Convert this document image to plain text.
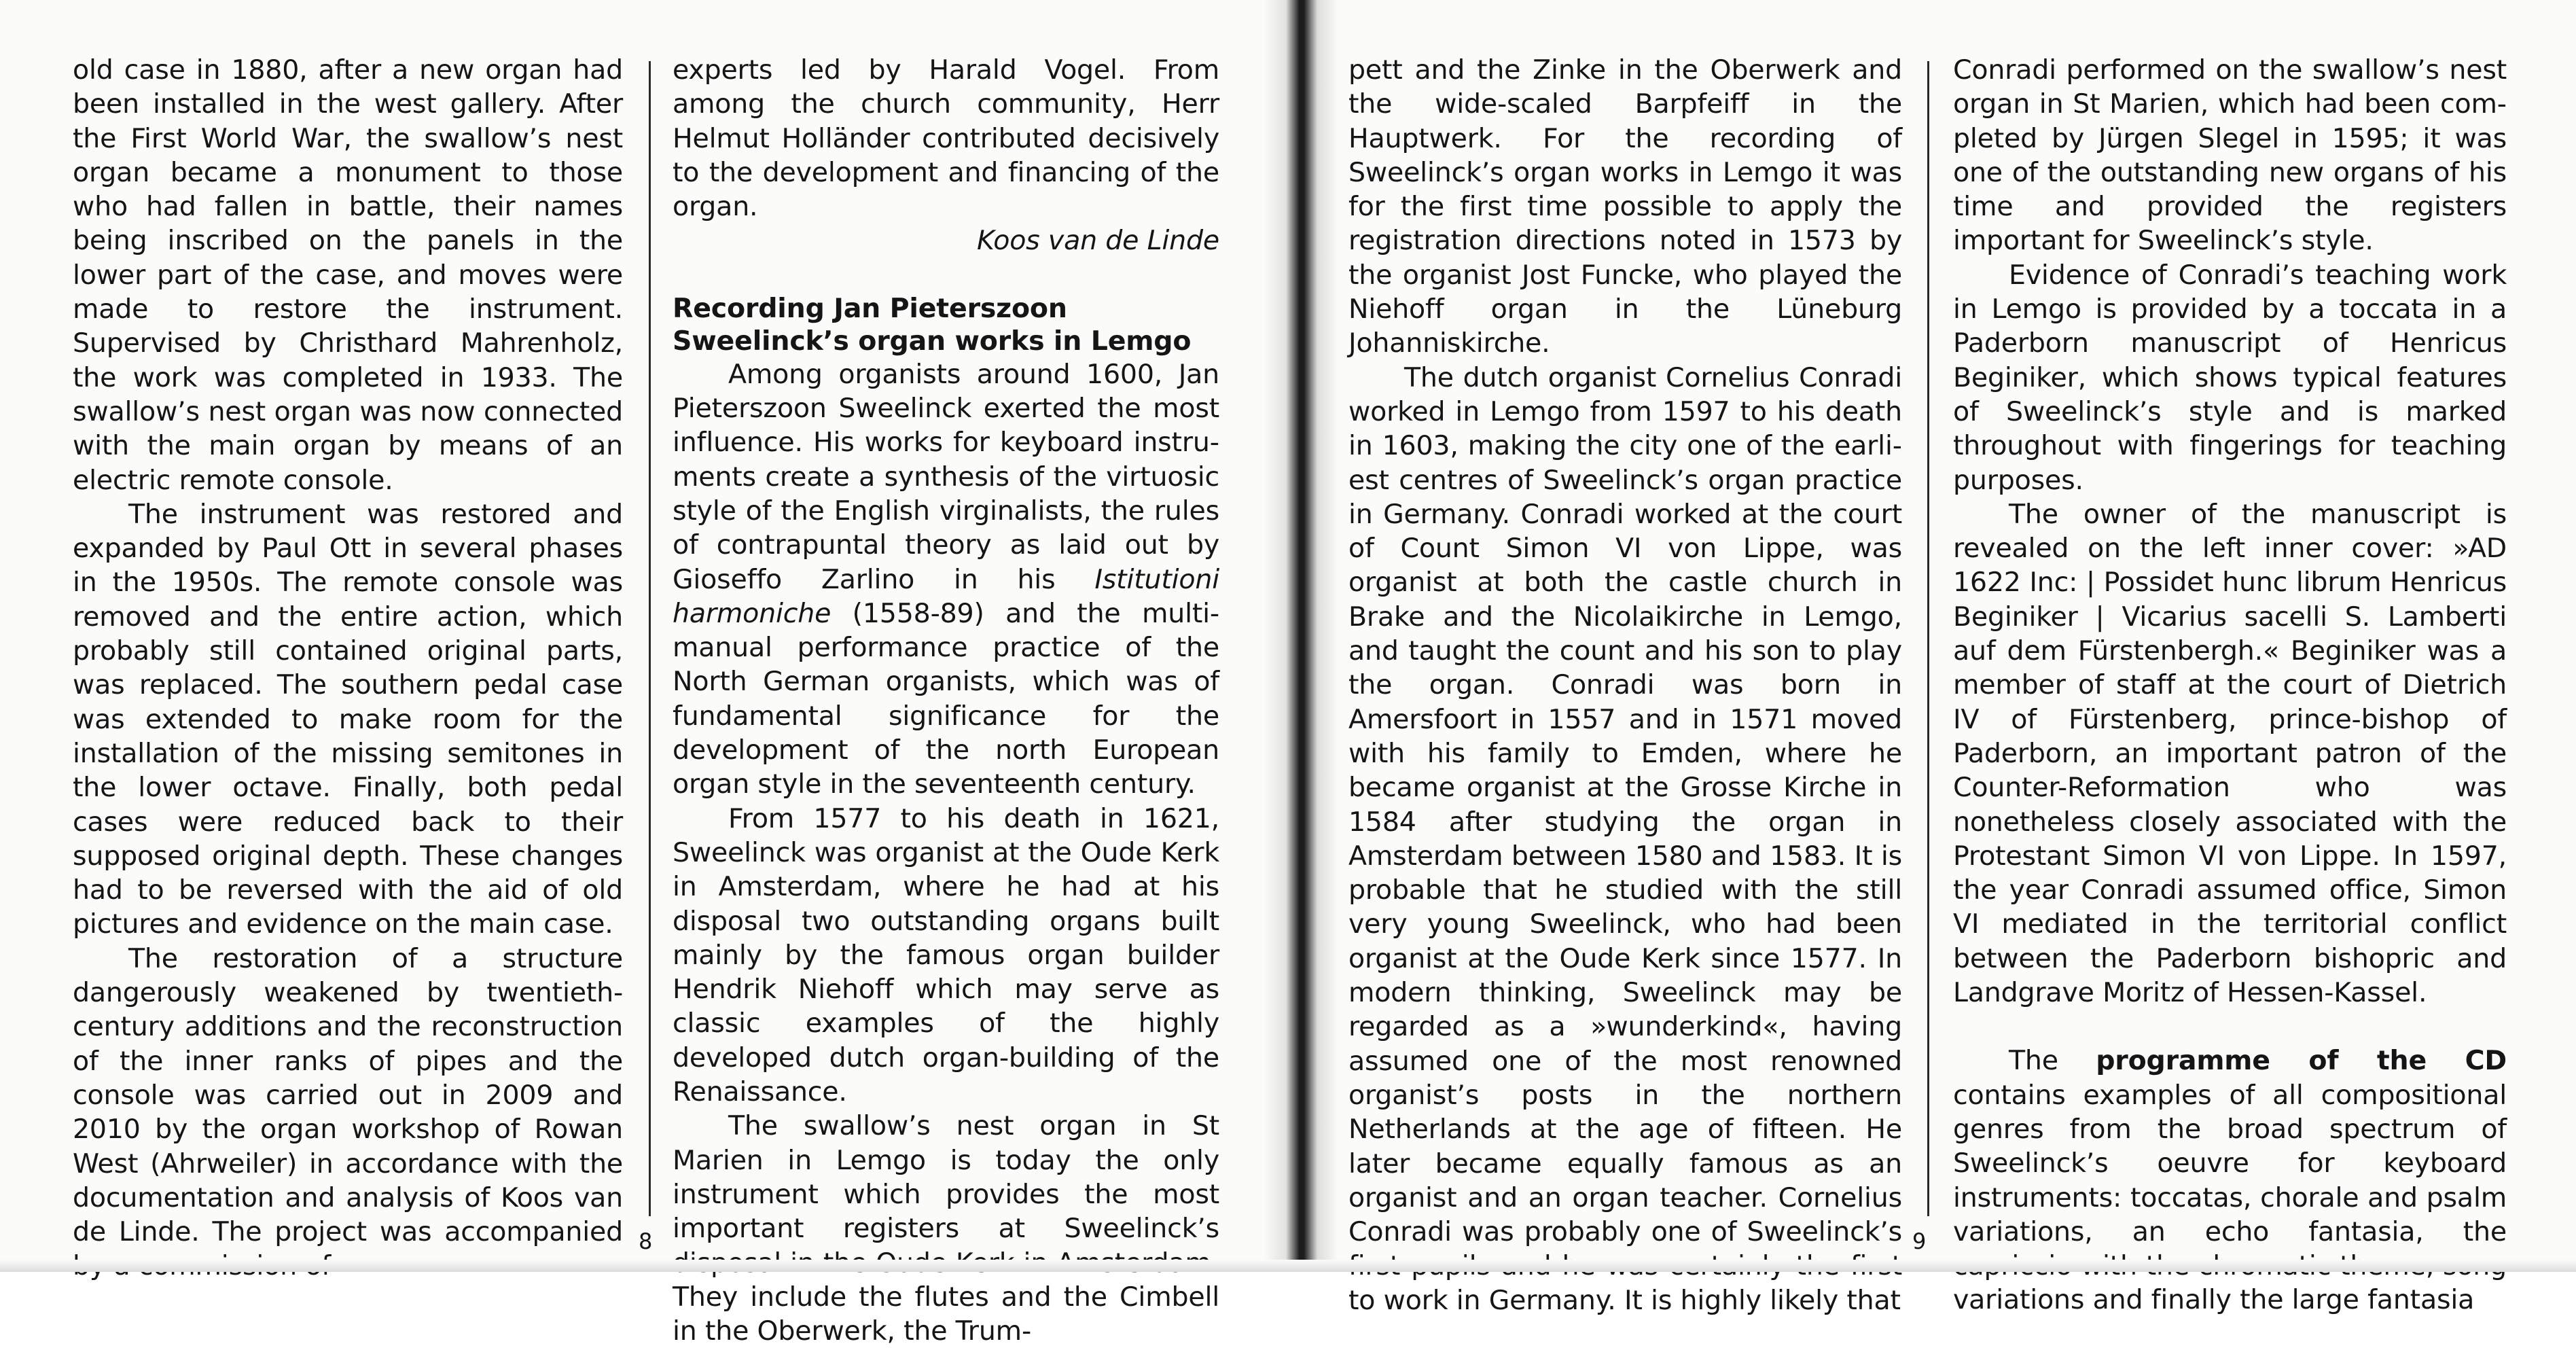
old case in 1880, after a new organ had been installed in the west gallery. After the First World War, the swallow’s nest organ became a monument to those who had fallen in battle, their names being inscribed on the panels in the lower part of the case, and moves were made to restore the instrument. Supervised by Christhard Mahrenholz, the work was completed in 1933. The swallow’s nest organ was now connected with the main organ by means of an electric remote console.

The instrument was restored and expanded by Paul Ott in several phases in the 1950s. The remote console was removed and the entire action, which probably still contained original parts, was replaced. The southern pedal case was extended to make room for the installation of the missing semitones in the lower octave. Finally, both pedal cases were reduced back to their supposed original depth. These changes had to be reversed with the aid of old pictures and evidence on the main case.

The restoration of a structure dangerously weakened by twentieth-century additions and the reconstruction of the inner ranks of pipes and the console was carried out in 2009 and 2010 by the organ workshop of Rowan West (Ahrweiler) in accordance with the documentation and analysis of Koos van de Linde. The project was accompanied

experts led by Harald Vogel. From among the church community, Herr Helmut Holländer contributed decisively to the development and financing of the organ.

Koos van de Linde

Recording Jan Pieterszoon Sweelinck’s organ works in Lemgo

Among organists around 1600, Jan Pieterszoon Sweelinck exerted the most influence. His works for keyboard instruments create a synthesis of the virtuosic style of the English virginalists, the rules of contrapuntal theory as laid out by Gioseffo Zarlino in his Istitutioni harmoniche (1558-89) and the multi-manual performance practice of the North German organists, which was of fundamental significance for the development of the north European organ style in the seventeenth century.

From 1577 to his death in 1621, Sweelinck was organist at the Oude Kerk in Amsterdam, where he had at his disposal two outstanding organs built mainly by the famous organ builder Hendrik Niehoff which may serve as classic examples of the highly developed dutch organ-building of the Renaissance.

The swallow’s nest organ in St Marien in Lemgo is today the only instrument which provides the most important registers at Sweelinck’s They include the flutes and the Cimbell in the Oberwerk, the Trum-

8

pett and the Zinke in the Oberwerk and the wide-scaled Barpfeiff in the Hauptwerk. For the recording of Sweelinck’s organ works in Lemgo it was for the first time possible to apply the registration directions noted in 1573 by the organist Jost Funcke, who played the Niehoff organ in the Lüneburg Johanniskirche.

The dutch organist Cornelius Conradi worked in Lemgo from 1597 to his death in 1603, making the city one of the earliest centres of Sweelinck’s organ practice in Germany. Conradi worked at the court of Count Simon VI von Lippe, was organist at both the castle church in Brake and the Nicolaikirche in Lemgo, and taught the count and his son to play the organ. Conradi was born in Amersfoort in 1557 and in 1571 moved with his family to Emden, where he became organist at the Grosse Kirche in 1584 after studying the organ in Amsterdam between 1580 and 1583. It is probable that he studied with the still very young Sweelinck, who had been organist at the Oude Kerk since 1577. In modern thinking, Sweelinck may be regarded as a »wunderkind«, having assumed one of the most renowned organist’s posts in the northern Netherlands at the age of fifteen. He later became equally famous as an organist and an organ teacher. Cornelius Conradi was probably one of Sweelinck’s to work in Germany. It is highly likely that

Conradi performed on the swallow’s nest organ in St Marien, which had been completed by Jürgen Slegel in 1595; it was one of the outstanding new organs of his time and provided the registers important for Sweelinck’s style.

Evidence of Conradi’s teaching work in Lemgo is provided by a toccata in a Paderborn manuscript of Henricus Beginiker, which shows typical features of Sweelinck’s style and is marked throughout with fingerings for teaching purposes.

The owner of the manuscript is revealed on the left inner cover: »AD 1622 Inc: | Possidet hunc librum Henricus Beginiker | Vicarius sacelli S. Lamberti auf dem Fürstenbergh.« Beginiker was a member of staff at the court of Dietrich IV of Fürstenberg, prince-bishop of Paderborn, an important patron of the Counter-Reformation who was nonetheless closely associated with the Protestant Simon VI von Lippe. In 1597, the year Conradi assumed office, Simon VI mediated in the territorial conflict between the Paderborn bishopric and Landgrave Moritz of Hessen-Kassel.

The programme of the CD contains examples of all compositional genres from the broad spectrum of Sweelinck’s oeuvre for keyboard instruments: toccatas, chorale and psalm variations, an echo fantasia, the variations and finally the large fantasia

9
